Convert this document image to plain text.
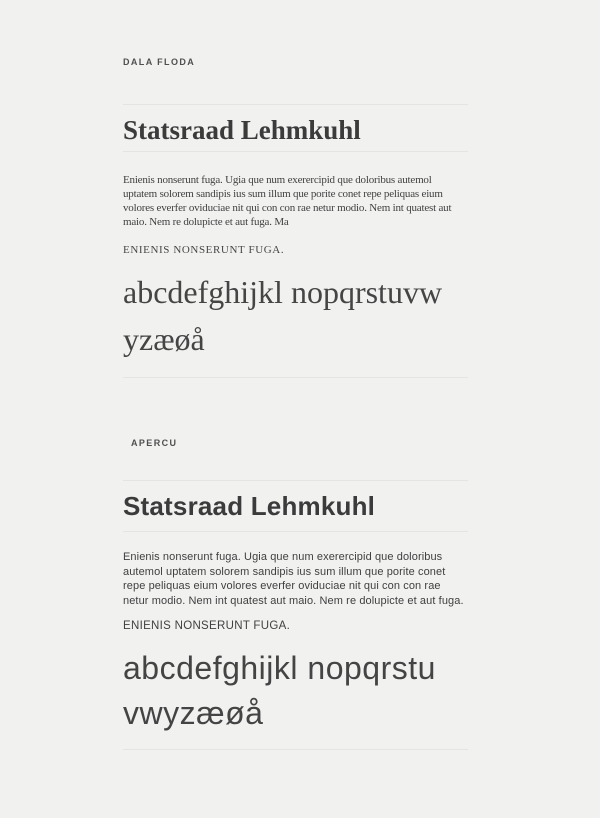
DALA FLODA
Statsraad Lehmkuhl

Enienis nonserunt fuga. Ugia que num exerercipid que doloribus autemol uptatem solorem sandipis ius sum illum que porite conet repe peliquas eium volores everfer oviduciae nit qui con con rae netur modio. Nem int quatest aut maio. Nem re dolupicte et aut fuga. Ma

ENIENIS NONSERUNT FUGA.
abcdefghijkl nopqrstuvw
yzæøå
APERCU
Statsraad Lehmkuhl

Enienis nonserunt fuga. Ugia que num exerercipid que doloribus autemol uptatem solorem sandipis ius sum illum que porite conet repe peliquas eium volores everfer oviduciae nit qui con con rae netur modio. Nem int quatest aut maio. Nem re dolupicte et aut fuga.

ENIENIS NONSERUNT FUGA.
abcdefghijkl nopqrstu
vwyzæøå
